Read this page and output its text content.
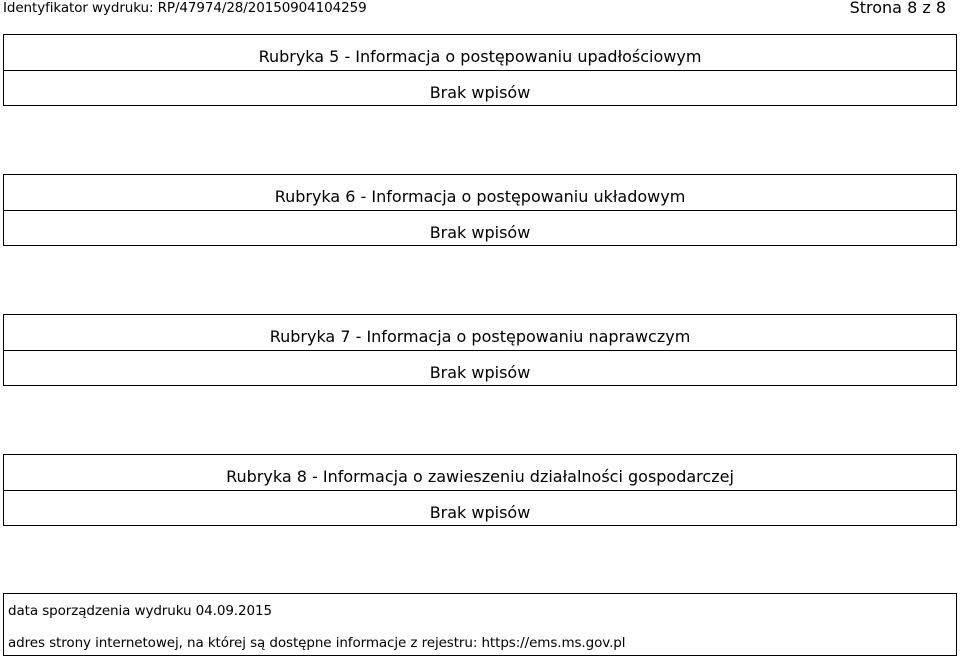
Identyfikator wydruku: RP/47974/28/20150904104259	Strona 8 z 8
Rubryka 5 - Informacja o postępowaniu upadłościowym
Brak wpisów
Rubryka 6 - Informacja o postępowaniu układowym
Brak wpisów
Rubryka 7 - Informacja o postępowaniu naprawczym
Brak wpisów
Rubryka 8 - Informacja o zawieszeniu działalności gospodarczej
Brak wpisów
data sporządzenia wydruku 04.09.2015
adres strony internetowej, na której są dostępne informacje z rejestru: https://ems.ms.gov.pl
